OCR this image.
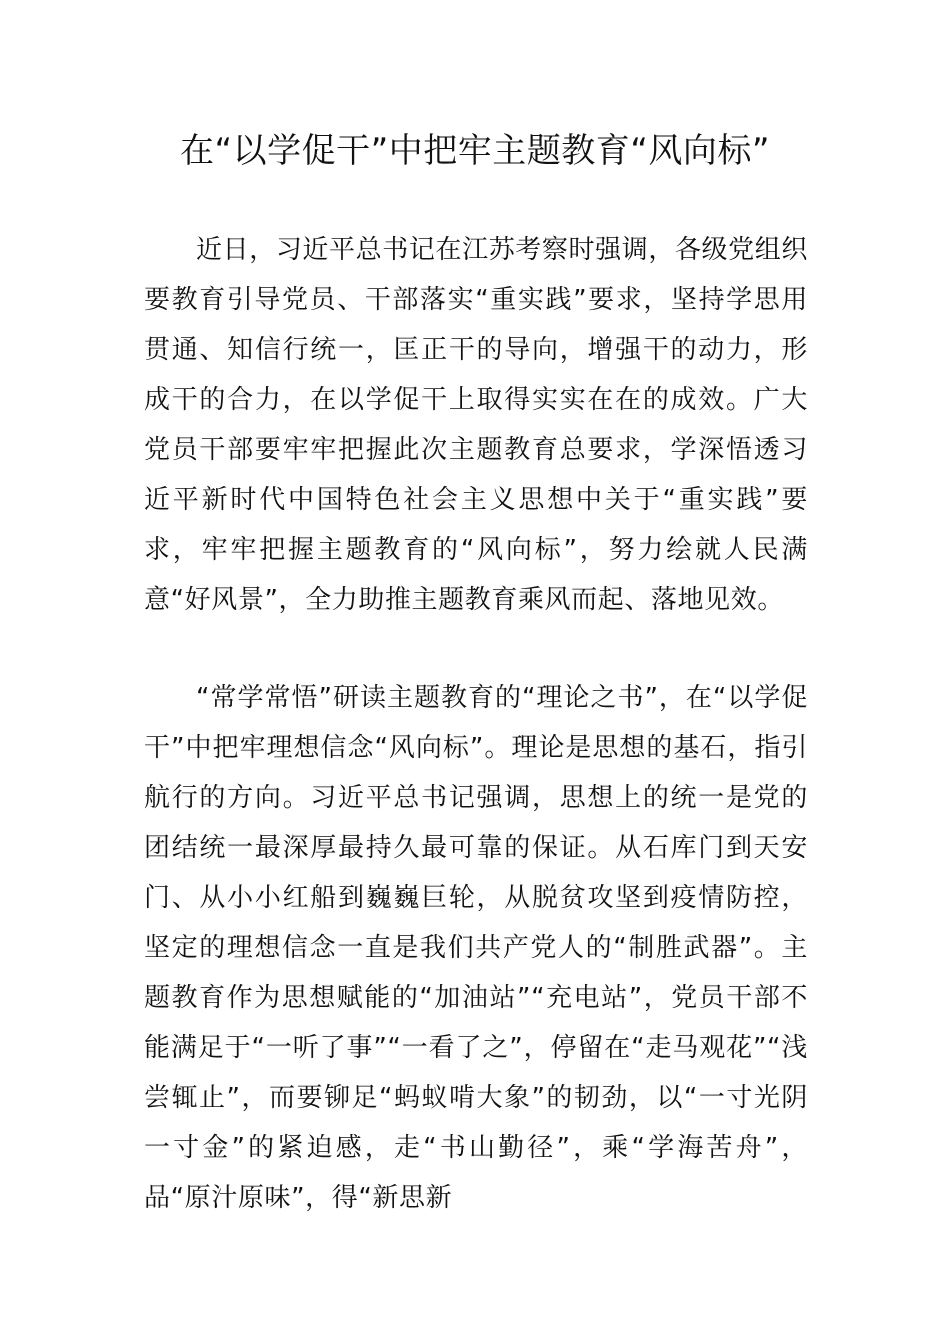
在“以学促干”中把牢主题教育“风向标”

近日，习近平总书记在江苏考察时强调，各级党组织要教育引导党员、干部落实“重实践”要求，坚持学思用贯通、知信行统一，匡正干的导向，增强干的动力，形成干的合力，在以学促干上取得实实在在的成效。广大党员干部要牢牢把握此次主题教育总要求，学深悟透习近平新时代中国特色社会主义思想中关于“重实践”要求，牢牢把握主题教育的“风向标”，努力绘就人民满意“好风景”，全力助推主题教育乘风而起、落地见效。

“常学常悟”研读主题教育的“理论之书”，在“以学促干”中把牢理想信念“风向标”。理论是思想的基石，指引航行的方向。习近平总书记强调，思想上的统一是党的团结统一最深厚最持久最可靠的保证。从石库门到天安门、从小小红船到巍巍巨轮，从脱贫攻坚到疫情防控，坚定的理想信念一直是我们共产党人的“制胜武器”。主题教育作为思想赋能的“加油站”“充电站”，党员干部不能满足于“一听了事”“一看了之”，停留在“走马观花”“浅尝辄止”，而要铆足“蚂蚁啃大象”的韧劲，以“一寸光阴一寸金”的紧迫感，走“书山勤径”，乘“学海苦舟”，品“原汁原味”，得“新思新
